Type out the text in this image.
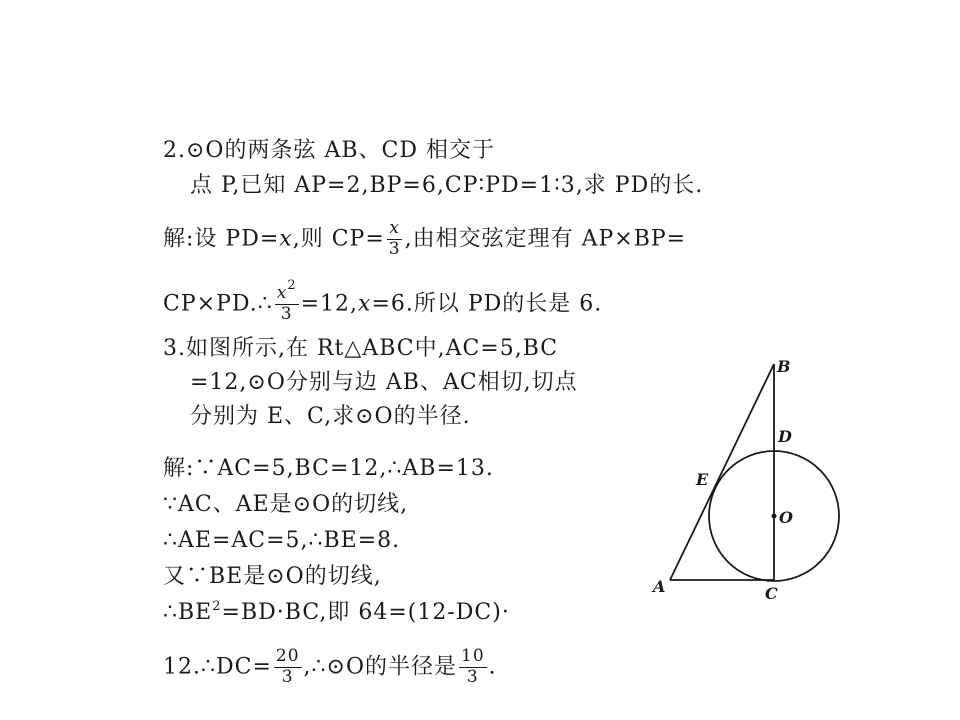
2.⊙O的两条弦 AB、CD 相交于
点 P,已知 AP=2,BP=6,CP∶PD=1∶3,求 PD的长.
解:设 PD=x,则 $CP= \frac{x}{3}$ ,由相交弦定理有 AP×BP=
CP×PD.∴ $\frac{x^2}{3} =12,x=6$.所以 PD的长是 6.
3.如图所示,在 Rt△ABC中,AC=5,BC
=12,⊙O分别与边 AB、AC相切,切点
分别为 E、C,求⊙O的半径.
解:∵AC=5,BC=12,∴AB=13.
∵AC、AE是⊙O的切线,
∴AE=AC=5,∴BE=8.
又∵BE是⊙O的切线,
$\therefore BE^2=BD\cdot BC$,即 64=(12-DC)·
12.∴DC= $\frac{20}{3}$ ,∴⊙O的半径是 $\frac{10}{3}$ .
B
D
E
O
A	C
